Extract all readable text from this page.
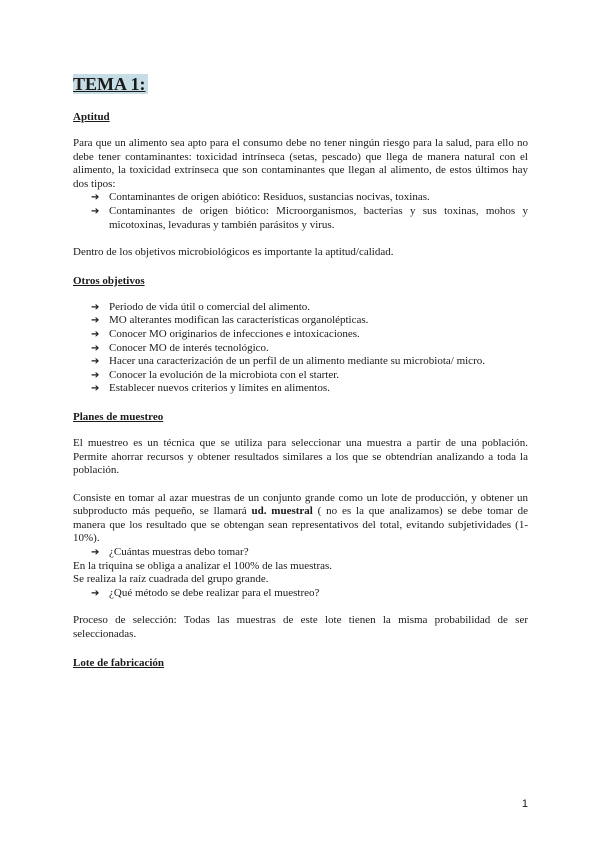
TEMA 1:
Aptitud

Para que un alimento sea apto para el consumo debe no tener ningún riesgo para la salud, para ello no debe tener contaminantes: toxicidad intrínseca (setas, pescado) que llega de manera natural con el alimento, la toxicidad extrínseca que son contaminantes que llegan al alimento, de estos últimos hay dos tipos:

➔ Contaminantes de origen abiótico: Residuos, sustancias nocivas, toxinas.
➔ Contaminantes de origen biótico: Microorganismos, bacterias y sus toxinas, mohos y micotoxinas, levaduras y también parásitos y virus.

Dentro de los objetivos microbiológicos es importante la aptitud/calidad.

Otros objetivos
➔ Periodo de vida útil o comercial del alimento.
➔ MO alterantes modifican las características organolépticas.
➔ Conocer MO originarios de infecciones e intoxicaciones.
➔ Conocer MO de interés tecnológico.
➔ Hacer una caracterización de un perfil de un alimento mediante su microbiota/ micro.
➔ Conocer la evolución de la microbiota con el starter.
➔ Establecer nuevos criterios y límites en alimentos.
Planes de muestreo

El muestreo es un técnica que se utiliza para seleccionar una muestra a partir de una población. Permite ahorrar recursos y obtener resultados similares a los que se obtendrían analizando a toda la población.

Consiste en tomar al azar muestras de un conjunto grande como un lote de producción, y obtener un subproducto más pequeño, se llamará ud. muestral ( no es la que analizamos) se debe tomar de manera que los resultado que se obtengan sean representativos del total, evitando subjetividades (1-10%).

➔ ¿Cuántas muestras debo tomar?
En la triquina se obliga a analizar el 100% de las muestras.
Se realiza la raíz cuadrada del grupo grande.
➔ ¿Qué método se debe realizar para el muestreo?

Proceso de selección: Todas las muestras de este lote tienen la misma probabilidad de ser seleccionadas.

Lote de fabricación
1
